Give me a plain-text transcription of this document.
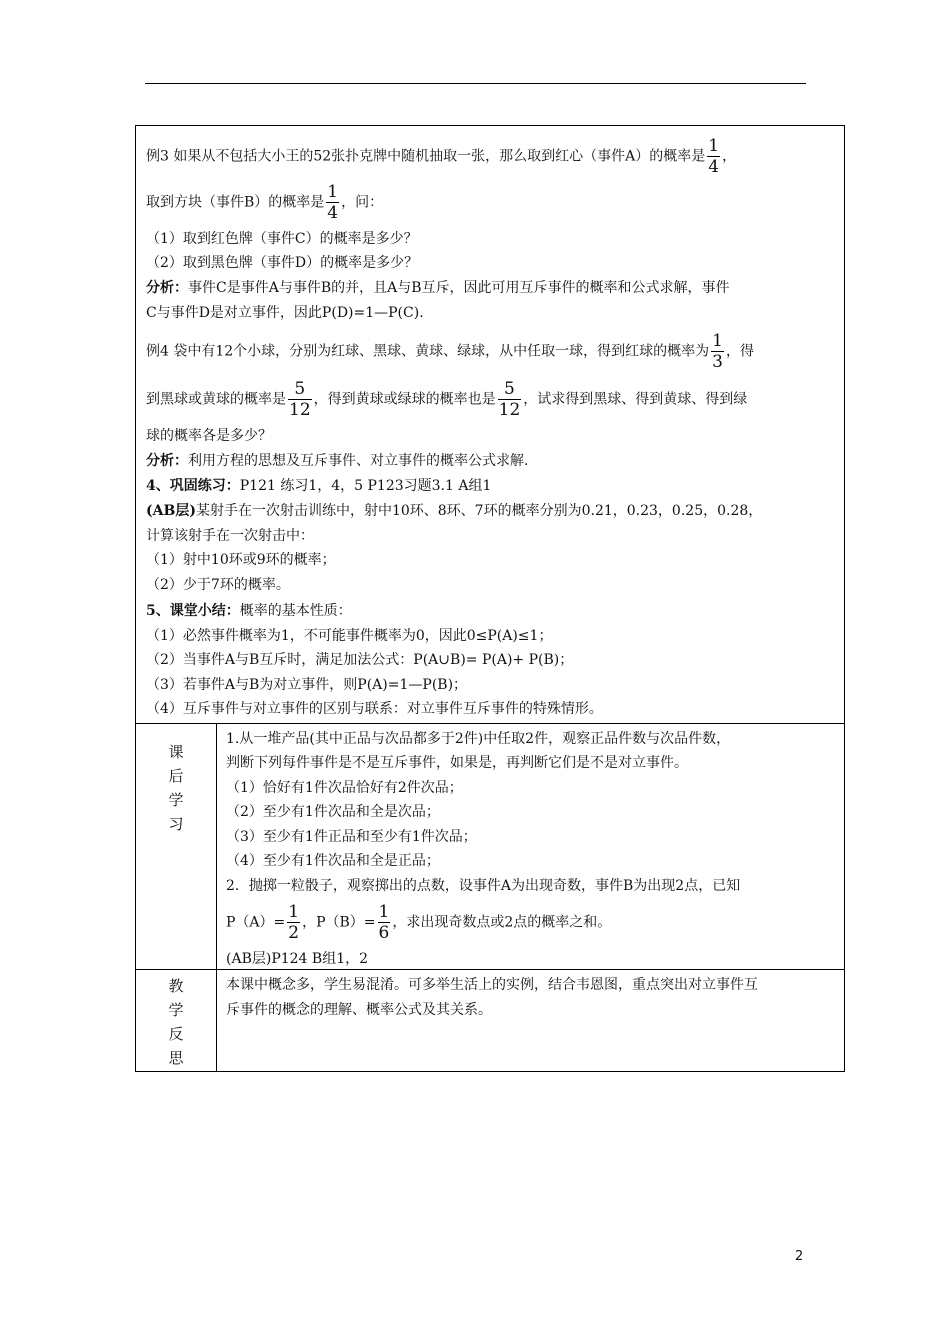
例3 如果从不包括大小王的52张扑克牌中随机抽取一张，那么取到红心（事件A）的概率是 $\frac{1}{4}$ ，
取到方块（事件B）的概率是 $\frac{1}{4}$ ，问：
（1）取到红色牌（事件C）的概率是多少？
（2）取到黑色牌（事件D）的概率是多少？
分析：事件C是事件A与事件B的并，且A与B互斥，因此可用互斥事件的概率和公式求解，事件
C与事件D是对立事件，因此P(D)=1—P(C).
例4 袋中有12个小球，分别为红球、黑球、黄球、绿球，从中任取一球，得到红球的概率为 $\frac{1}{3}$ ，得
到黑球或黄球的概率是 $\frac{5}{12}$ ，得到黄球或绿球的概率也是 $\frac{5}{12}$ ，试求得到黑球、得到黄球、得到绿
球的概率各是多少？
分析：利用方程的思想及互斥事件、对立事件的概率公式求解.
4、巩固练习：P121 练习1，4，5 P123习题3.1 A组1
(AB层)某射手在一次射击训练中，射中10环、8环、7环的概率分别为0.21，0.23，0.25，0.28，
计算该射手在一次射击中：
（1）射中10环或9环的概率；
（2）少于7环的概率。
5、课堂小结：概率的基本性质：
（1）必然事件概率为1，不可能事件概率为0，因此0≤P(A)≤1；
（2）当事件A与B互斥时，满足加法公式：P(A∪B)= P(A)+ P(B)；
（3）若事件A与B为对立事件，则P(A)=1—P(B)；
（4）互斥事件与对立事件的区别与联系：对立事件互斥事件的特殊情形。
课
后
学
习
1.从一堆产品(其中正品与次品都多于2件)中任取2件，观察正品件数与次品件数，
判断下列每件事件是不是互斥事件，如果是，再判断它们是不是对立事件。
（1）恰好有1件次品恰好有2件次品；
（2）至少有1件次品和全是次品；
（3）至少有1件正品和至少有1件次品；
（4）至少有1件次品和全是正品；
2．抛掷一粒骰子，观察掷出的点数，设事件A为出现奇数，事件B为出现2点，已知
$P(A)= \frac{1}{2}$ ，$P(B)= \frac{1}{6}$ ，求出现奇数点或2点的概率之和。
(AB层)P124 B组1，2
教
学
反
思
本课中概念多，学生易混淆。可多举生活上的实例，结合韦恩图，重点突出对立事件互
斥事件的概念的理解、概率公式及其关系。
2
